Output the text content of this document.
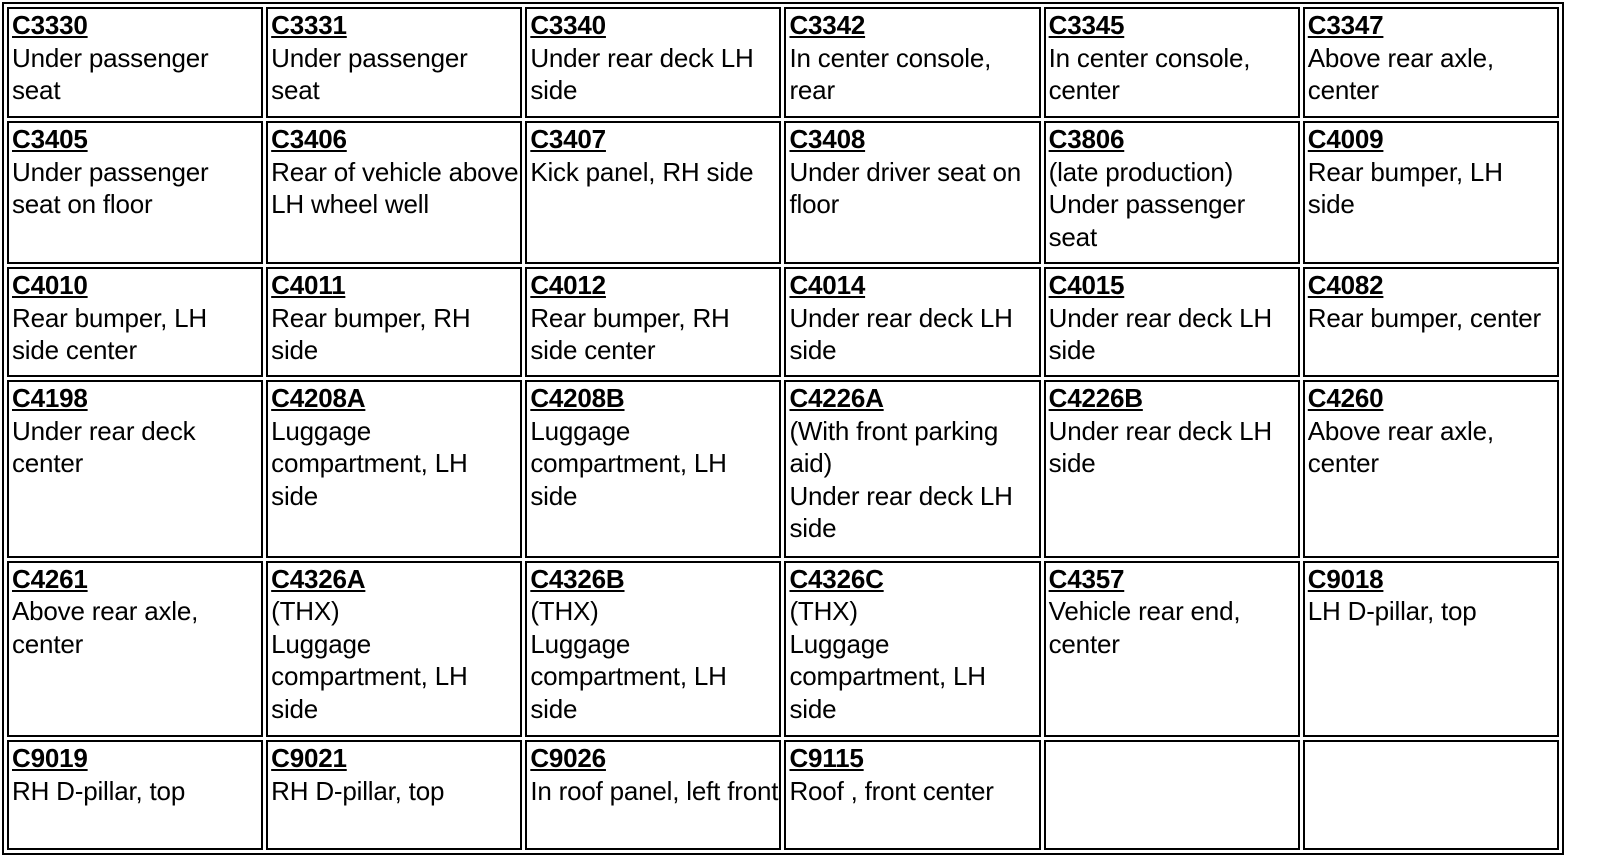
C3330
Under passenger seat	C3331
Under passenger seat	C3340
Under rear deck LH side	C3342
In center console, rear	C3345
In center console, center	C3347
Above rear axle, center

C3405
Under passenger seat on floor	C3406
Rear of vehicle above LH wheel well	C3407
Kick panel, RH side	C3408
Under driver seat on floor	C3806
(late production)
Under passenger seat	C4009
Rear bumper, LH side

C4010
Rear bumper, LH side center	C4011
Rear bumper, RH side	C4012
Rear bumper, RH side center	C4014
Under rear deck LH side	C4015
Under rear deck LH side	C4082
Rear bumper, center

C4198
Under rear deck center	C4208A
Luggage compartment, LH side	C4208B
Luggage compartment, LH side	C4226A
(With front parking aid)
Under rear deck LH side	C4226B
Under rear deck LH side	C4260
Above rear axle, center

C4261
Above rear axle, center	C4326A
(THX)
Luggage compartment, LH side	C4326B
(THX)
Luggage compartment, LH side	C4326C
(THX)
Luggage compartment, LH side	C4357
Vehicle rear end, center	C9018
LH D-pillar, top

C9019
RH D-pillar, top	C9021
RH D-pillar, top	C9026
In roof panel, left front	C9115
Roof , front center		
